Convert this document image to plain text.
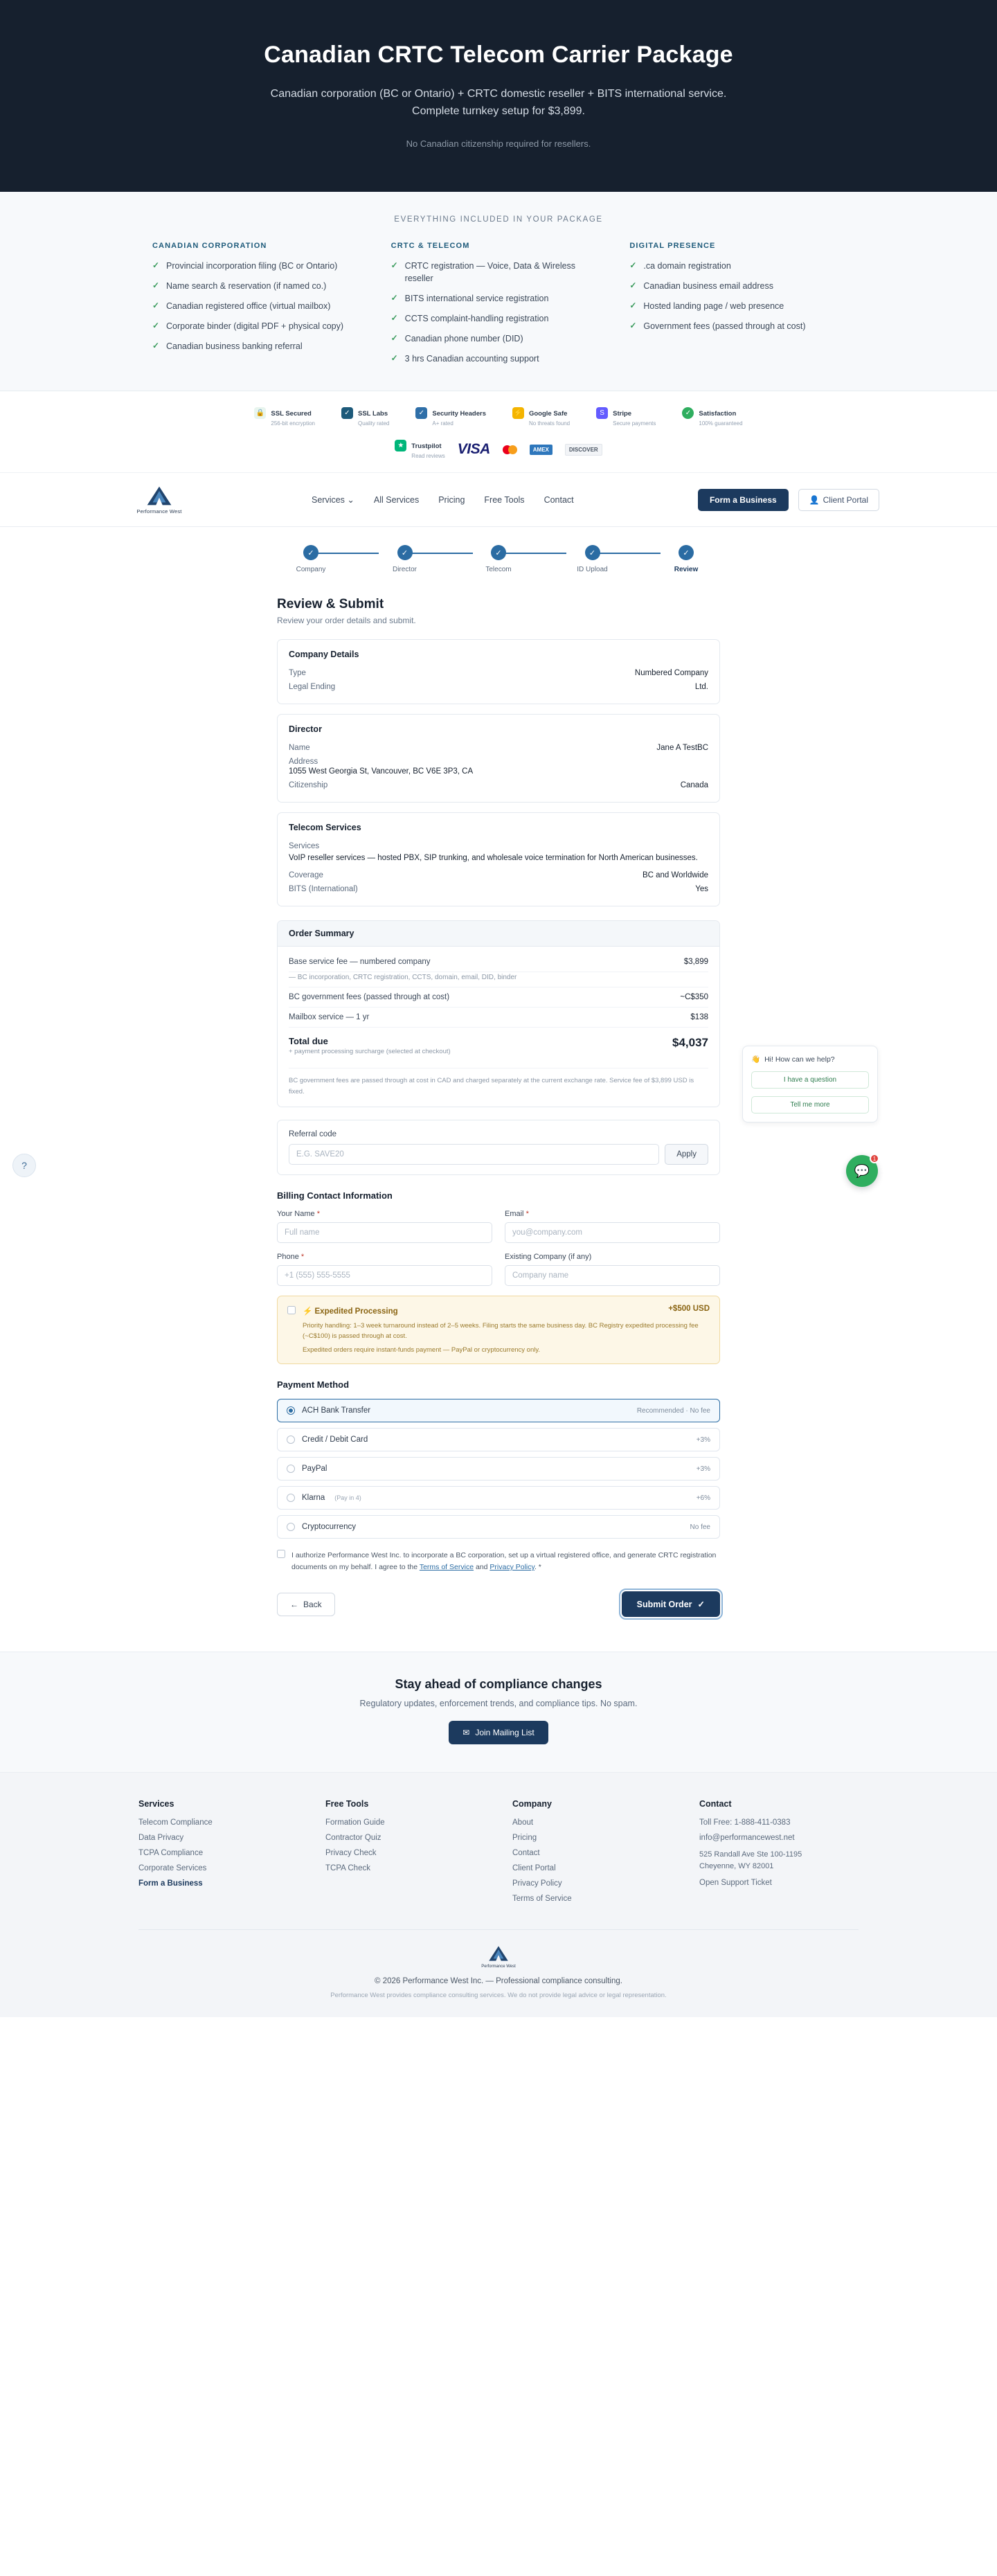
Canadian CRTC Telecom Carrier Package

Canadian corporation (BC or Ontario) + CRTC domestic reseller + BITS international service. Complete turnkey setup for $3,899.

No Canadian citizenship required for resellers.

EVERYTHING INCLUDED IN YOUR PACKAGE
CANADIAN CORPORATION
✓ Provincial incorporation filing (BC or Ontario)
✓ Name search & reservation (if named co.)
✓ Canadian registered office (virtual mailbox)
✓ Corporate binder (digital PDF + physical copy)
✓ Canadian business banking referral
CRTC & TELECOM
✓ CRTC registration — Voice, Data & Wireless reseller
✓ BITS international service registration
✓ CCTS complaint-handling registration
✓ Canadian phone number (DID)
✓ 3 hrs Canadian accounting support
DIGITAL PRESENCE
✓ .ca domain registration
✓ Canadian business email address
✓ Hosted landing page / web presence
✓ Government fees (passed through at cost)
🔒 SSL Secured
256-bit encryption
✓	SSL Labs
Quality rated
✓	Security Headers
A+ rated
⚡ Google Safe
No threats found
S	Stripe
Secure payments
✓	Satisfaction
100% guaranteed
★	Trustpilot
Read reviews VISA	AMEX	DISCOVER
Performance West
Services ⌄ All Services Pricing Free Tools Contact	Form a Business	👤 Client Portal
✓
Company
✓
Director
✓
Telecom
✓
ID Upload
✓
Review
Review & Submit

Review your order details and submit.

Company Details
Type	Numbered Company
Legal Ending	Ltd.
Director
Name	Jane A TestBC
Address
1055 West Georgia St, Vancouver, BC V6E 3P3, CA
Citizenship	Canada
Telecom Services
Services
VoIP reseller services — hosted PBX, SIP trunking, and wholesale voice termination for North American businesses.
Coverage	BC and Worldwide
BITS (International)	Yes
Order Summary
Base service fee — numbered company	$3,899
— BC incorporation, CRTC registration, CCTS, domain, email, DID, binder
BC government fees (passed through at cost)	~C$350
Mailbox service — 1 yr	$138
Total due
+ payment processing surcharge (selected at checkout)
$4,037
BC government fees are passed through at cost in CAD and charged separately at the current exchange rate. Service fee of $3,899 USD is fixed.
Referral code
E.G. SAVE20
Apply
Billing Contact Information
Your Name *
Full name	Email *
you@company.com
Phone *
+1 (555) 555-5555	Existing Company (if any)
Company name
+$500 USD
⚡ Expedited Processing
Priority handling: 1–3 week turnaround instead of 2–5 weeks. Filing starts the same business day. BC Registry expedited processing fee (~C$100) is passed through at cost.
Expedited orders require instant-funds payment — PayPal or cryptocurrency only.
Payment Method
ACH Bank Transfer	Recommended · No fee
Credit / Debit Card	+3%
PayPal	+3%
Klarna (Pay in 4)	+6%
Cryptocurrency	No fee
I authorize Performance West Inc. to incorporate a BC corporation, set up a virtual registered office, and generate CRTC registration documents on my behalf. I agree to the Terms of Service and Privacy Policy. *
← Back	Submit Order ✓
Stay ahead of compliance changes

Regulatory updates, enforcement trends, and compliance tips. No spam.

✉ Join Mailing List
Services
Telecom Compliance
Data Privacy
TCPA Compliance
Corporate Services
Form a Business
Free Tools
Formation Guide
Contractor Quiz
Privacy Check
TCPA Check
Company
About
Pricing
Contact
Client Portal
Privacy Policy
Terms of Service
Contact
Toll Free: 1-888-411-0383
info@performancewest.net
525 Randall Ave Ste 100-1195
Cheyenne, WY 82001
Open Support Ticket
Performance West
© 2026 Performance West Inc. — Professional compliance consulting.
Performance West provides compliance consulting services. We do not provide legal advice or legal representation.
👋 Hi! How can we help?
I have a question
Tell me more
💬
1
?
